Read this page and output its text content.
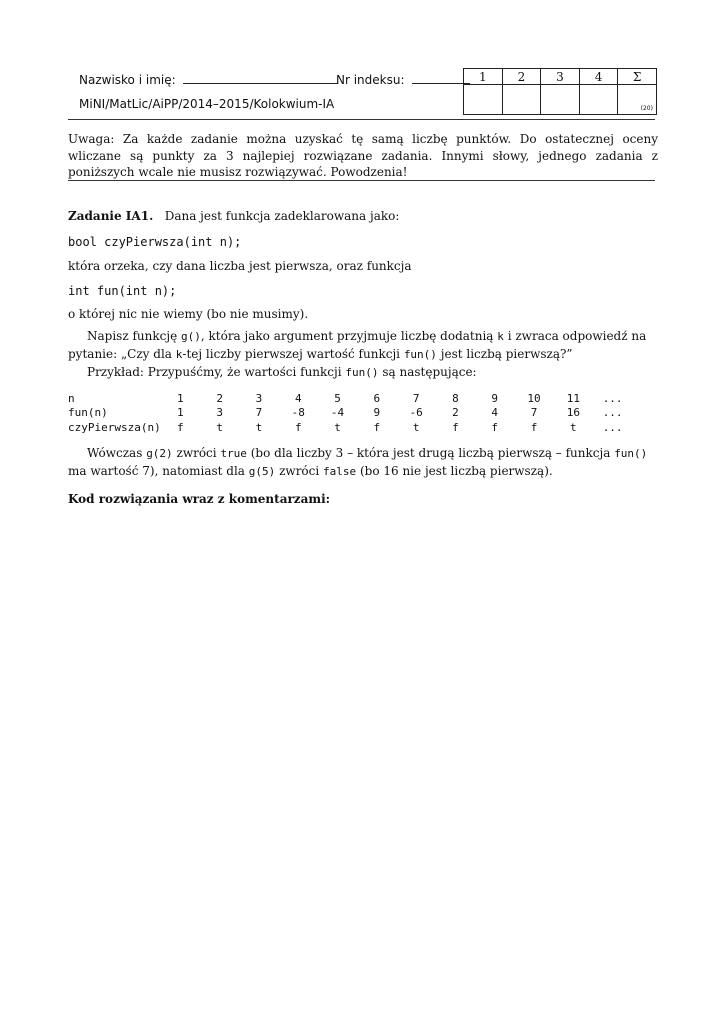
Nazwisko i imię:	Nr indeksu:
MiNI/MatLic/AiPP/2014–2015/Kolokwium-IA
1	2	3	4	Σ

				(20)
Uwaga: Za każde zadanie można uzyskać tę samą liczbę punktów. Do ostatecznej oceny wliczane są punkty za 3 najlepiej rozwiązane zadania. Innymi słowy, jednego zadania z poniższych wcale nie musisz rozwiązywać. Powodzenia!
Zadanie IA1. Dana jest funkcja zadeklarowana jako:
bool czyPierwsza(int n);
która orzeka, czy dana liczba jest pierwsza, oraz funkcja
int fun(int n);
o której nic nie wiemy (bo nie musimy).
Napisz funkcję g(), która jako argument przyjmuje liczbę dodatnią k i zwraca odpowiedź na pytanie: „Czy dla k-tej liczby pierwszej wartość funkcji fun() jest liczbą pierwszą?”
Przykład: Przypuśćmy, że wartości funkcji fun() są następujące:
n	1	2	3	4	5	6	7	8	9	10	11	...
fun(n)	1	3	7	-8	-4	9	-6	2	4	7	16	...
czyPierwsza(n)	f	t	t	f	t	f	t	f	f	f	t	...
Wówczas g(2) zwróci true (bo dla liczby 3 – która jest drugą liczbą pierwszą – funkcja fun() ma wartość 7), natomiast dla g(5) zwróci false (bo 16 nie jest liczbą pierwszą).
Kod rozwiązania wraz z komentarzami:
